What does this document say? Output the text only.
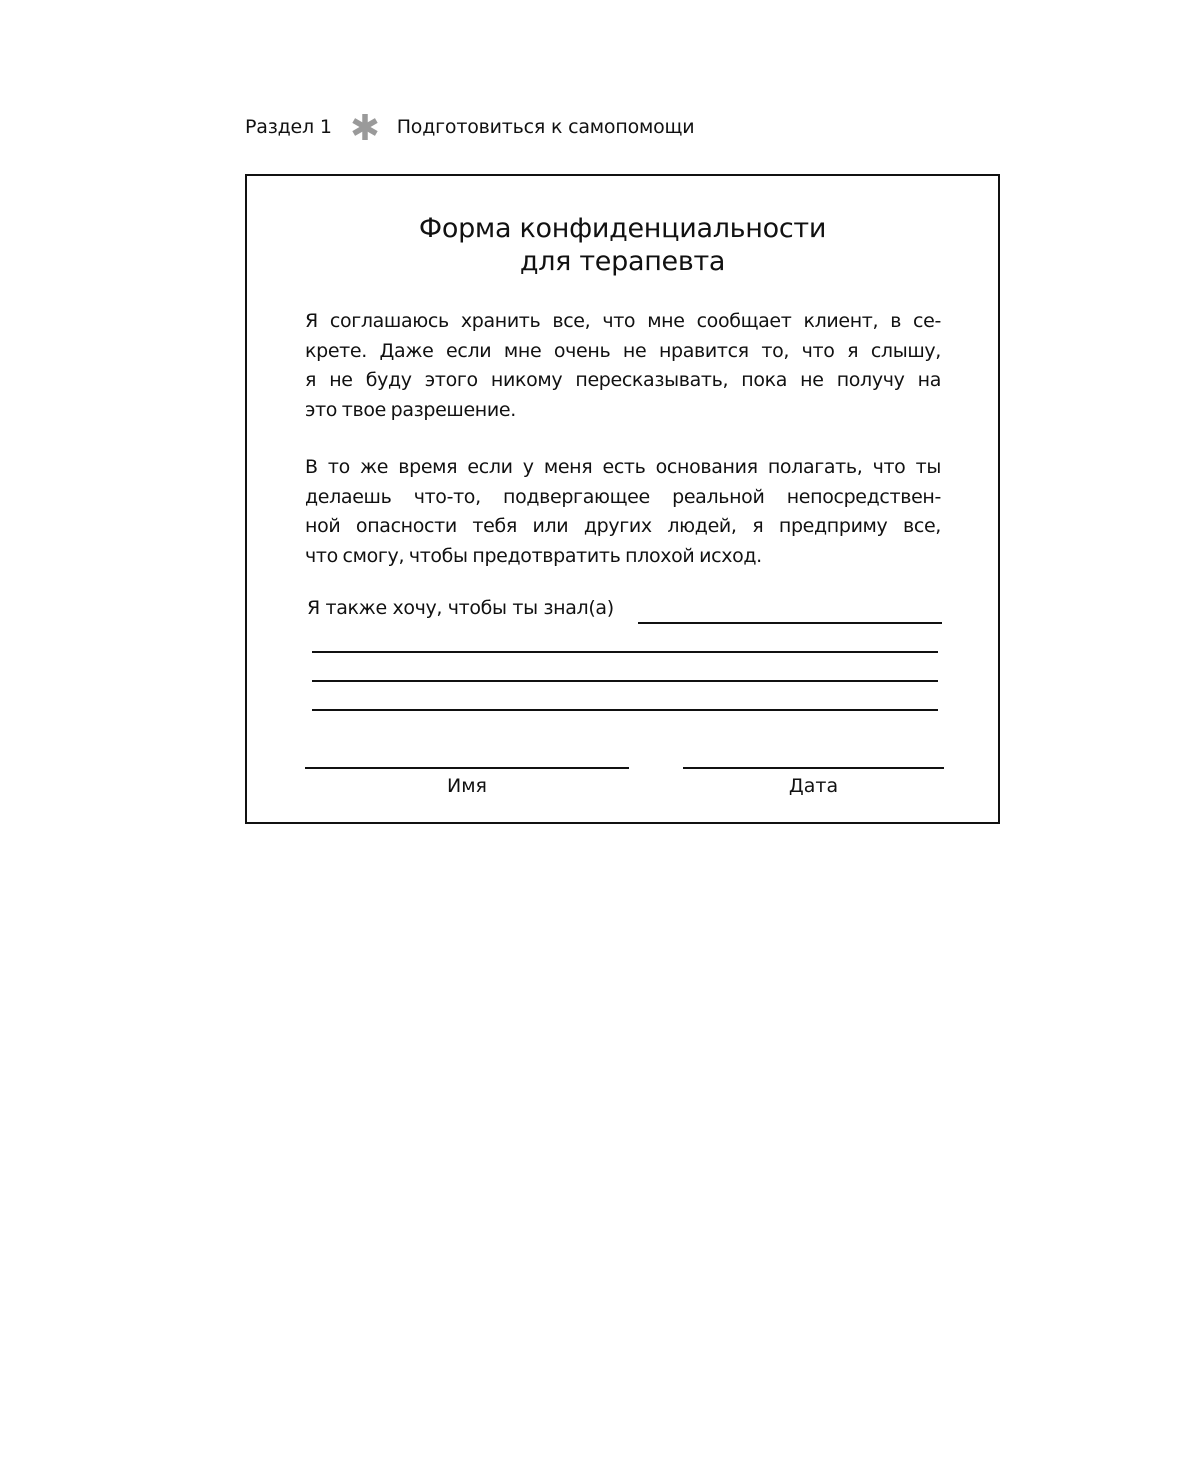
Раздел 1	Подготовиться к самопомощи
Форма конфиденциальности
для терапевта
Я соглашаюсь хранить все, что мне сообщает клиент, в се-
крете. Даже если мне очень не нравится то, что я слышу,
я не буду этого никому пересказывать, пока не получу на
это твое разрешение.
В то же время если у меня есть основания полагать, что ты
делаешь что-то, подвергающее реальной непосредствен-
ной опасности тебя или других людей, я предприму все,
что смогу, чтобы предотвратить плохой исход.
Я также хочу, чтобы ты знал(а)
Имя	Дата
